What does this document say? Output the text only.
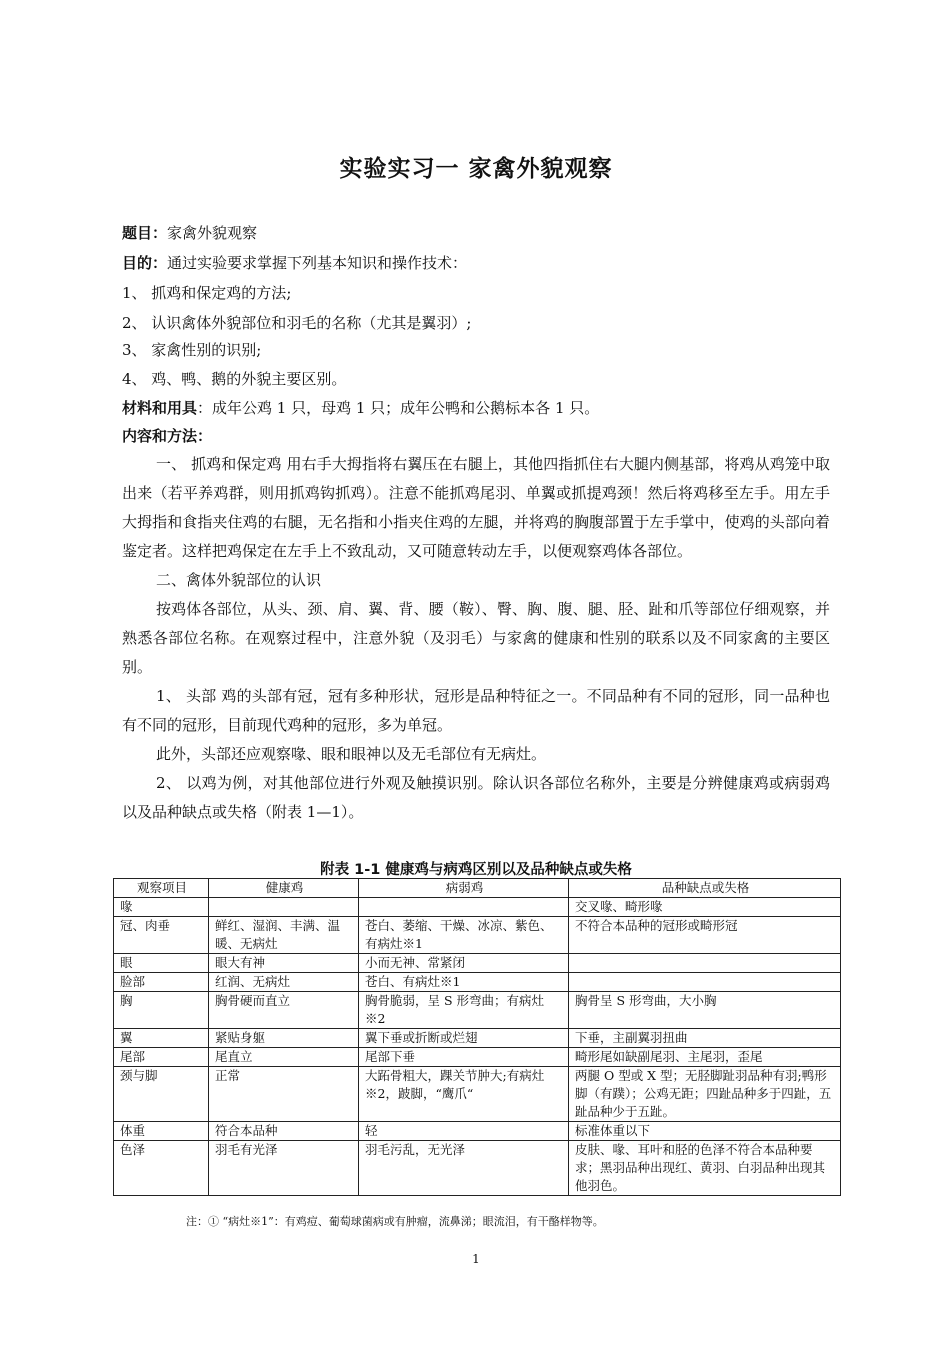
实验实习一 家禽外貌观察
题目：家禽外貌观察
目的：通过实验要求掌握下列基本知识和操作技术：
1、 抓鸡和保定鸡的方法;
2、 认识禽体外貌部位和羽毛的名称（尤其是翼羽）;
3、 家禽性别的识别;
4、 鸡、鸭、鹅的外貌主要区别。
材料和用具：成年公鸡 1 只，母鸡 1 只；成年公鸭和公鹅标本各 1 只。
内容和方法：

一、 抓鸡和保定鸡 用右手大拇指将右翼压在右腿上，其他四指抓住右大腿内侧基部，将鸡从鸡笼中取出来（若平养鸡群，则用抓鸡钩抓鸡）。注意不能抓鸡尾羽、单翼或抓提鸡颈！然后将鸡移至左手。用左手大拇指和食指夹住鸡的右腿，无名指和小指夹住鸡的左腿，并将鸡的胸腹部置于左手掌中，使鸡的头部向着鉴定者。这样把鸡保定在左手上不致乱动，又可随意转动左手，以便观察鸡体各部位。

二、禽体外貌部位的认识

按鸡体各部位，从头、颈、肩、翼、背、腰（鞍）、臀、胸、腹、腿、胫、趾和爪等部位仔细观察，并熟悉各部位名称。在观察过程中，注意外貌（及羽毛）与家禽的健康和性别的联系以及不同家禽的主要区别。

1、 头部 鸡的头部有冠，冠有多种形状，冠形是品种特征之一。不同品种有不同的冠形，同一品种也有不同的冠形，目前现代鸡种的冠形，多为单冠。

此外，头部还应观察喙、眼和眼神以及无毛部位有无病灶。

2、 以鸡为例，对其他部位进行外观及触摸识别。除认识各部位名称外，主要是分辨健康鸡或病弱鸡以及品种缺点或失格（附表 1—1）。

附表 1-1 健康鸡与病鸡区别以及品种缺点或失格
观察项目	健康鸡	病弱鸡	品种缺点或失格
喙			交叉喙、畸形喙
冠、肉垂	鲜红、湿润、丰满、温暖、无病灶	苍白、萎缩、干燥、冰凉、紫色、有病灶※1	不符合本品种的冠形或畸形冠
眼	眼大有神	小而无神、常紧闭	
脸部	红润、无病灶	苍白、有病灶※1	
胸	胸骨硬而直立	胸骨脆弱，呈 S 形弯曲；有病灶※2	胸骨呈 S 形弯曲，大小胸
翼	紧贴身躯	翼下垂或折断或烂翅	下垂，主副翼羽扭曲
尾部	尾直立	尾部下垂	畸形尾如缺副尾羽、主尾羽，歪尾
颈与脚	正常	大跖骨粗大，踝关节肿大;有病灶※2，跛脚，“鹰爪“	两腿 O 型或 X 型；无胫脚趾羽品种有羽;鸭形脚（有蹼）；公鸡无距；四趾品种多于四趾，五趾品种少于五趾。
体重	符合本品种	轻	标准体重以下
色泽	羽毛有光泽	羽毛污乱，无光泽	皮肤、喙、耳叶和胫的色泽不符合本品种要求；黑羽品种出现红、黄羽、白羽品种出现其他羽色。
注：① “病灶※1”：有鸡痘、葡萄球菌病或有肿瘤，流鼻涕；眼流泪，有干酪样物等。
1
